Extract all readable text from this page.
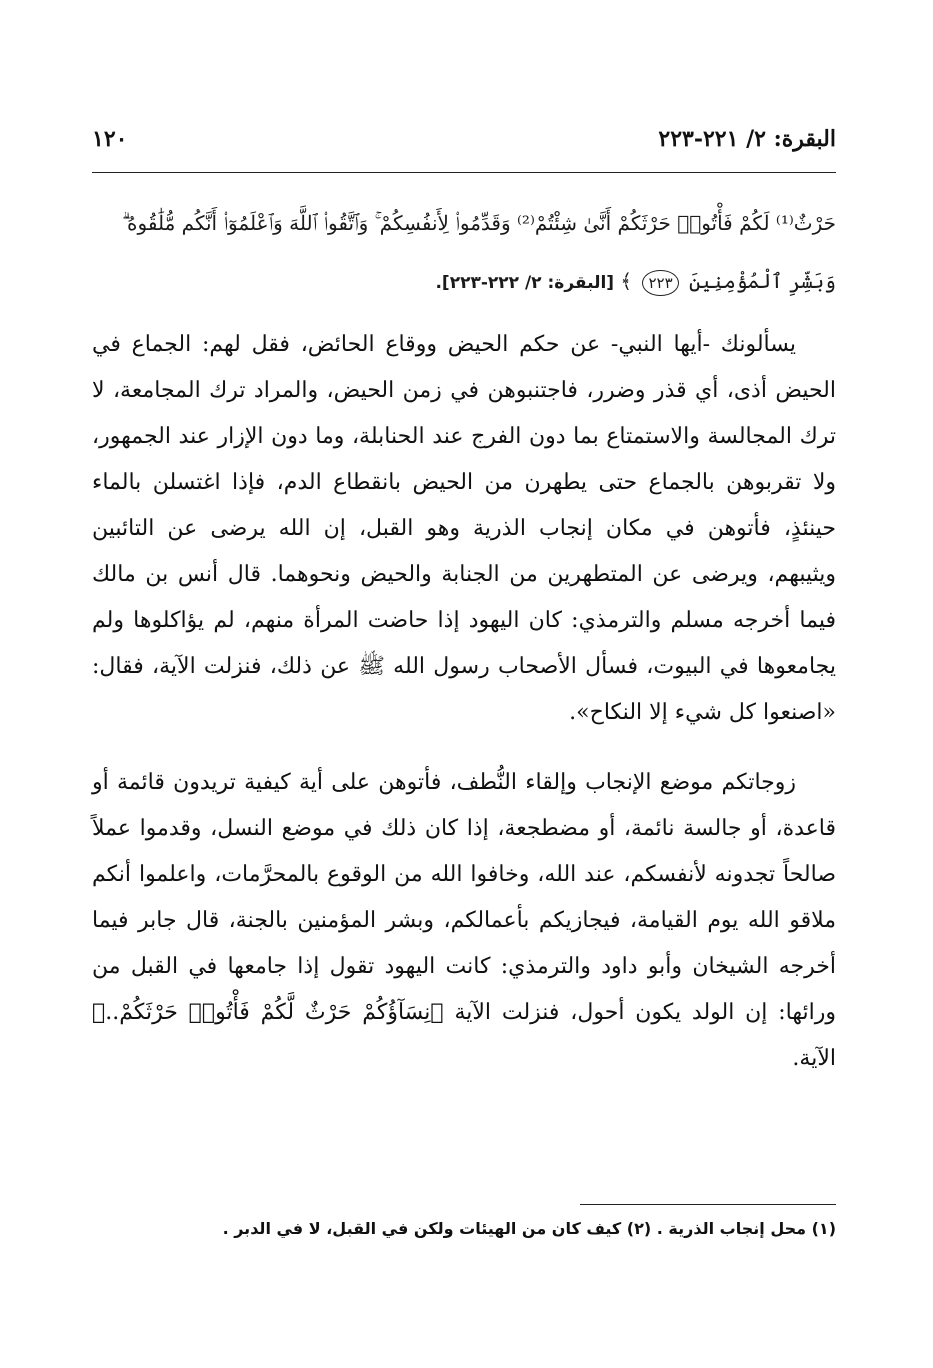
البقرة: ٢/ ٢٢١-٢٢٣
١٢٠
حَرْثٌ⁽¹⁾ لَكُمْ فَأْتُوا۟ حَرْثَكُمْ أَنَّىٰ شِئْتُمْ⁽²⁾ وَقَدِّمُوا۟ لِأَنفُسِكُمْ ۚ وَٱتَّقُوا۟ ٱللَّهَ وَٱعْلَمُوٓا۟ أَنَّكُم مُّلَٰقُوهُ ۗ
وَبَشِّرِ ٱلْمُؤْمِنِينَ ٢٢٣ ﴾ [البقرة: ٢/ ٢٢٢-٢٢٣].

يسألونك -أيها النبي- عن حكم الحيض ووقاع الحائض، فقل لهم: الجماع في الحيض أذى، أي قذر وضرر، فاجتنبوهن في زمن الحيض، والمراد ترك المجامعة، لا ترك المجالسة والاستمتاع بما دون الفرج عند الحنابلة، وما دون الإزار عند الجمهور، ولا تقربوهن بالجماع حتى يطهرن من الحيض بانقطاع الدم، فإذا اغتسلن بالماء حينئذٍ، فأتوهن في مكان إنجاب الذرية وهو القبل، إن الله يرضى عن التائبين ويثيبهم، ويرضى عن المتطهرين من الجنابة والحيض ونحوهما. قال أنس بن مالك فيما أخرجه مسلم والترمذي: كان اليهود إذا حاضت المرأة منهم، لم يؤاكلوها ولم يجامعوها في البيوت، فسأل الأصحاب رسول الله ﷺ عن ذلك، فنزلت الآية، فقال: «اصنعوا كل شيء إلا النكاح».

زوجاتكم موضع الإنجاب وإلقاء النُّطف، فأتوهن على أية كيفية تريدون قائمة أو قاعدة، أو جالسة نائمة، أو مضطجعة، إذا كان ذلك في موضع النسل، وقدموا عملاً صالحاً تجدونه لأنفسكم، عند الله، وخافوا الله من الوقوع بالمحرَّمات، واعلموا أنكم ملاقو الله يوم القيامة، فيجازيكم بأعمالكم، وبشر المؤمنين بالجنة، قال جابر فيما أخرجه الشيخان وأبو داود والترمذي: كانت اليهود تقول إذا جامعها في القبل من ورائها: إن الولد يكون أحول، فنزلت الآية ﴿نِسَآؤُكُمْ حَرْثٌ لَّكُمْ فَأْتُوا۟ حَرْثَكُمْ..﴾ الآية.

(١) محل إنجاب الذرية . (٢) كيف كان من الهيئات ولكن في القبل، لا في الدبر .
